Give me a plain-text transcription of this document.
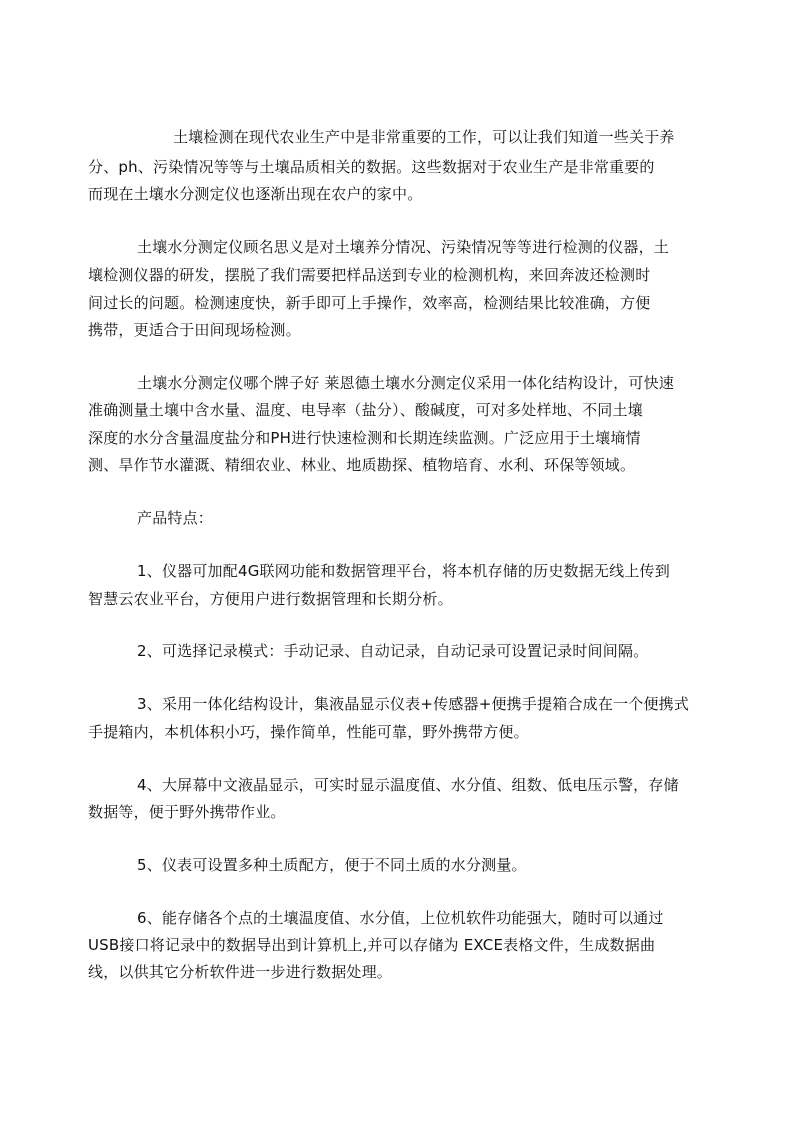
土壤检测在现代农业生产中是非常重要的工作，可以让我们知道一些关于养
分、ph、污染情况等等与土壤品质相关的数据。这些数据对于农业生产是非常重要的
而现在土壤水分测定仪也逐渐出现在农户的家中。
土壤水分测定仪顾名思义是对土壤养分情况、污染情况等等进行检测的仪器，土
壤检测仪器的研发，摆脱了我们需要把样品送到专业的检测机构，来回奔波还检测时
间过长的问题。检测速度快，新手即可上手操作，效率高，检测结果比较准确，方便
携带，更适合于田间现场检测。
土壤水分测定仪哪个牌子好 莱恩德土壤水分测定仪采用一体化结构设计，可快速
准确测量土壤中含水量、温度、电导率（盐分）、酸碱度，可对多处样地、不同土壤
深度的水分含量温度盐分和PH进行快速检测和长期连续监测。广泛应用于土壤墒情
测、旱作节水灌溉、精细农业、林业、地质勘探、植物培育、水利、环保等领域。
产品特点：
1、仪器可加配4G联网功能和数据管理平台，将本机存储的历史数据无线上传到
智慧云农业平台，方便用户进行数据管理和长期分析。
2、可选择记录模式：手动记录、自动记录，自动记录可设置记录时间间隔。
3、采用一体化结构设计，集液晶显示仪表+传感器+便携手提箱合成在一个便携式
手提箱内，本机体积小巧，操作简单，性能可靠，野外携带方便。
4、大屏幕中文液晶显示，可实时显示温度值、水分值、组数、低电压示警，存储
数据等，便于野外携带作业。
5、仪表可设置多种土质配方，便于不同土质的水分测量。
6、能存储各个点的土壤温度值、水分值，上位机软件功能强大，随时可以通过
USB接口将记录中的数据导出到计算机上,并可以存储为 EXCE表格文件，生成数据曲
线，以供其它分析软件进一步进行数据处理。
